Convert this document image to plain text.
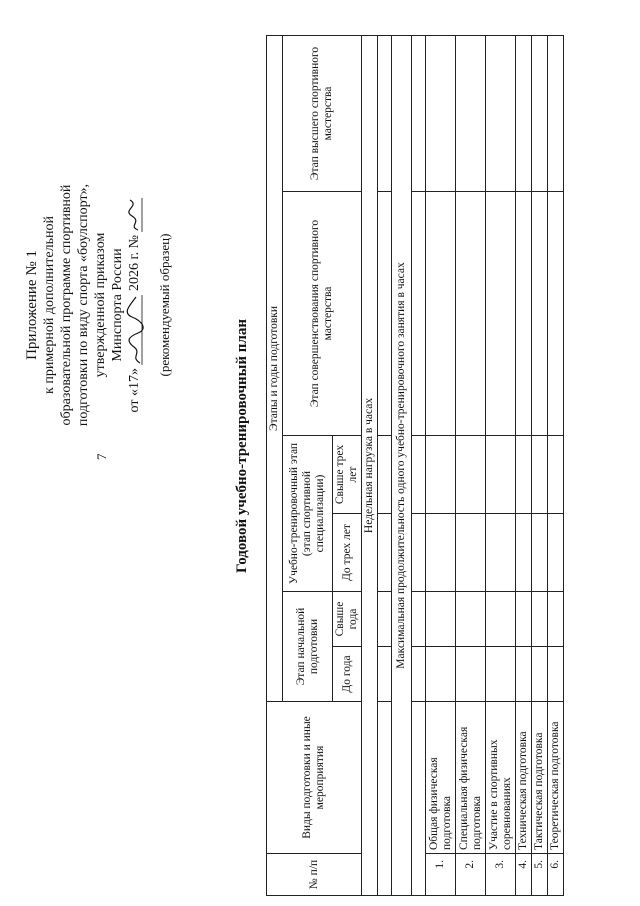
7
Приложение № 1 к примерной дополнительной образовательной программе спортивной подготовки по виду спорта «боулспорт», утвержденной приказом Минспорта России
от «17»  2026 г. № (рекомендуемый образец)
Годовой учебно-тренировочный план
№ п/п	Виды подготовки и иные мероприятия	Этапы и годы подготовки					
		Этап начальной подготовки		Учебно-тренировочный этап (этап спортивной специализации)		Этап совершенствования спортивного мастерства	Этап высшего спортивного мастерства
		До года	Свыше года	До трех лет	Свыше трех лет		
Недельная нагрузка в часах							

Максимальная продолжительность одного учебно-тренировочного занятия в часах							

1.	Общая физическая подготовка						
2.	Специальная физическая подготовка						
3.	Участие в спортивных соревнованиях						
4.	Техническая подготовка						
5.	Тактическая подготовка						
6.	Теоретическая подготовка						
